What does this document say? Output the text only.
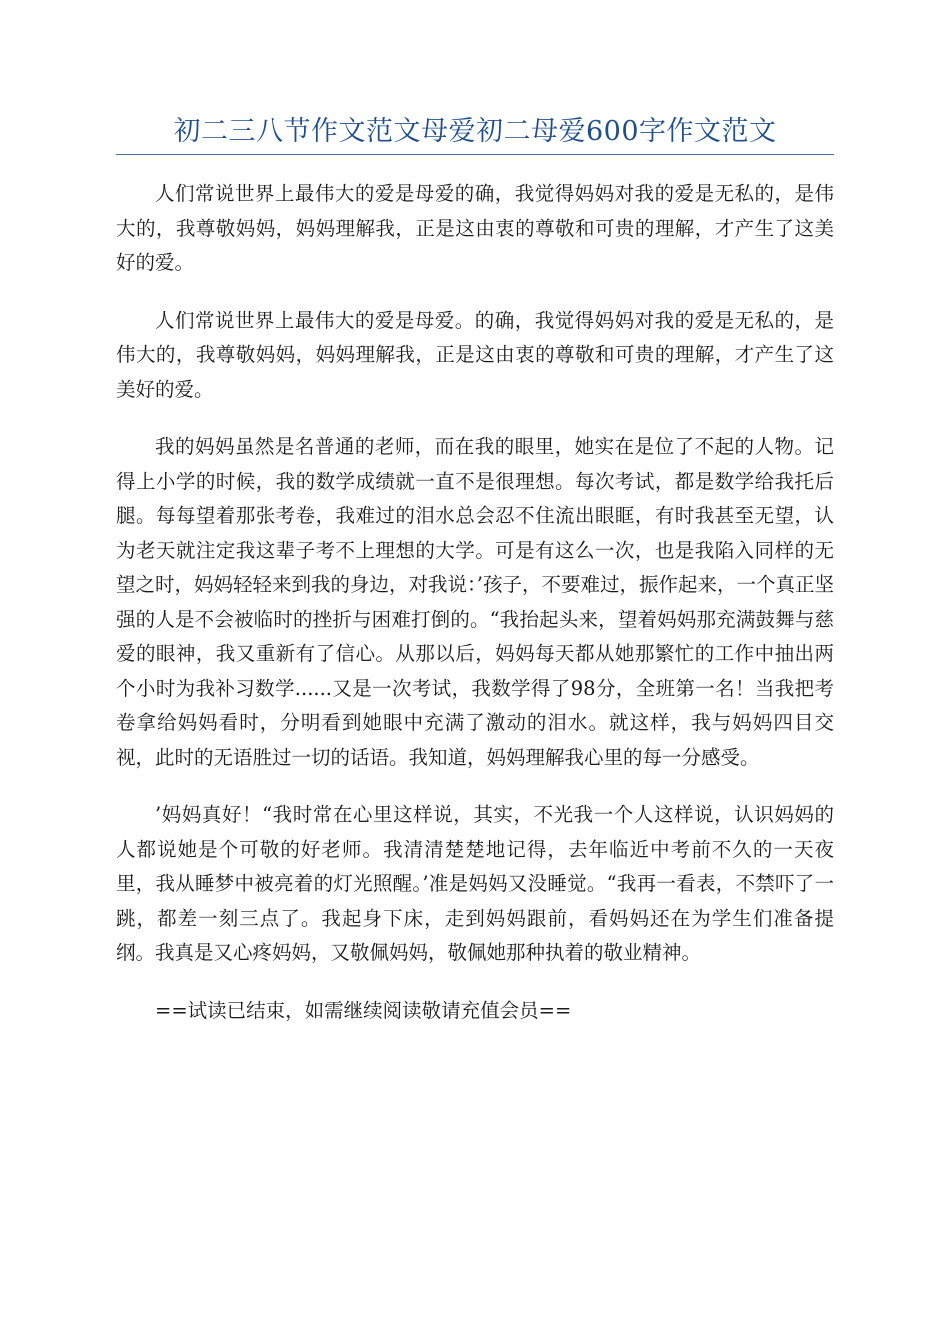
初二三八节作文范文母爱初二母爱600字作文范文

人们常说世界上最伟大的爱是母爱的确，我觉得妈妈对我的爱是无私的，是伟大的，我尊敬妈妈，妈妈理解我，正是这由衷的尊敬和可贵的理解，才产生了这美好的爱。

人们常说世界上最伟大的爱是母爱。的确，我觉得妈妈对我的爱是无私的，是伟大的，我尊敬妈妈，妈妈理解我，正是这由衷的尊敬和可贵的理解，才产生了这美好的爱。

我的妈妈虽然是名普通的老师，而在我的眼里，她实在是位了不起的人物。记得上小学的时候，我的数学成绩就一直不是很理想。每次考试，都是数学给我托后腿。每每望着那张考卷，我难过的泪水总会忍不住流出眼眶，有时我甚至无望，认为老天就注定我这辈子考不上理想的大学。可是有这么一次，也是我陷入同样的无望之时，妈妈轻轻来到我的身边，对我说：’孩子，不要难过，振作起来，一个真正坚强的人是不会被临时的挫折与困难打倒的。“我抬起头来，望着妈妈那充满鼓舞与慈爱的眼神，我又重新有了信心。从那以后，妈妈每天都从她那繁忙的工作中抽出两个小时为我补习数学......又是一次考试，我数学得了98分，全班第一名！当我把考卷拿给妈妈看时，分明看到她眼中充满了激动的泪水。就这样，我与妈妈四目交视，此时的无语胜过一切的话语。我知道，妈妈理解我心里的每一分感受。

’妈妈真好！“我时常在心里这样说，其实，不光我一个人这样说，认识妈妈的人都说她是个可敬的好老师。我清清楚楚地记得，去年临近中考前不久的一天夜里，我从睡梦中被亮着的灯光照醒。’准是妈妈又没睡觉。“我再一看表，不禁吓了一跳，都差一刻三点了。我起身下床，走到妈妈跟前，看妈妈还在为学生们准备提纲。我真是又心疼妈妈，又敬佩妈妈，敬佩她那种执着的敬业精神。

==试读已结束，如需继续阅读敬请充值会员==
